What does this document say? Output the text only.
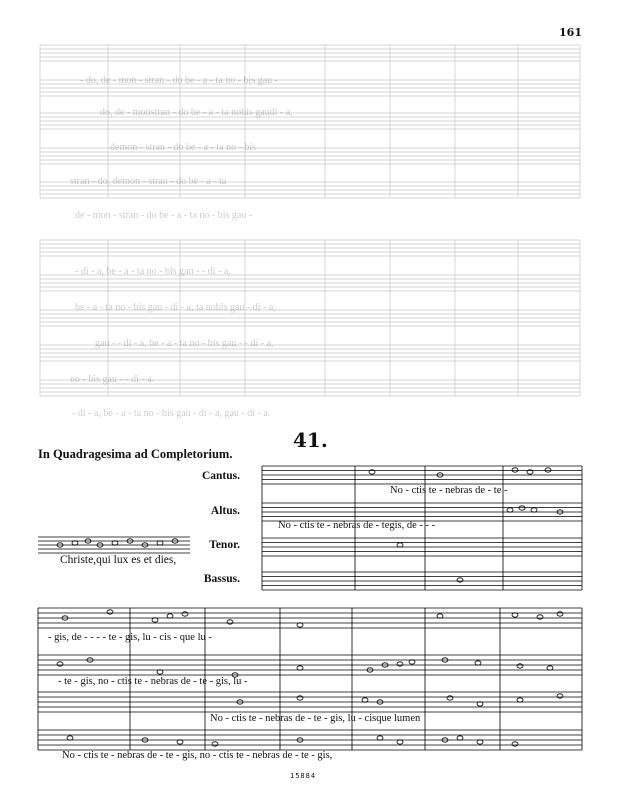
161
- do, de - mon - stran - do be - a - ta no - bis gau -
do, de - monstran - do be - a - ta nobis gaudi - a,
demon - stran - do be - a - ta no - bis
stran - do, demon - stran - do be - a - ta
de - mon - stran - do be - a - ta no - bis gau -
- di - a, be - a - ta no - bis gau - - di - a,
be - a - ta no - bis gau - di - a, ta nobis gau - di - a,
gau - - di - a, be - a - ta no - bis gau - - di - a,
no - bis gau - - di - a.
- di - a, be - a - ta no - bis gau - di - a, gau - di - a.
41.
In Quadragesima ad Completorium.
Cantus.
Altus.
Tenor.
Bassus.
Christe,qui lux es et dies,
No - ctis te - nebras de - te -
No - ctis te - nebras de - tegis, de - - -
- gis, de - - - - te - gis, lu - cis - que lu -
- te - gis, no - ctis te - nebras de - te - gis, lu -
No - ctis te - nebras de - te - gis, lu - cisque lumen
No - ctis te - nebras de - te - gis, no - ctis te - nebras de - te - gis,
15884
